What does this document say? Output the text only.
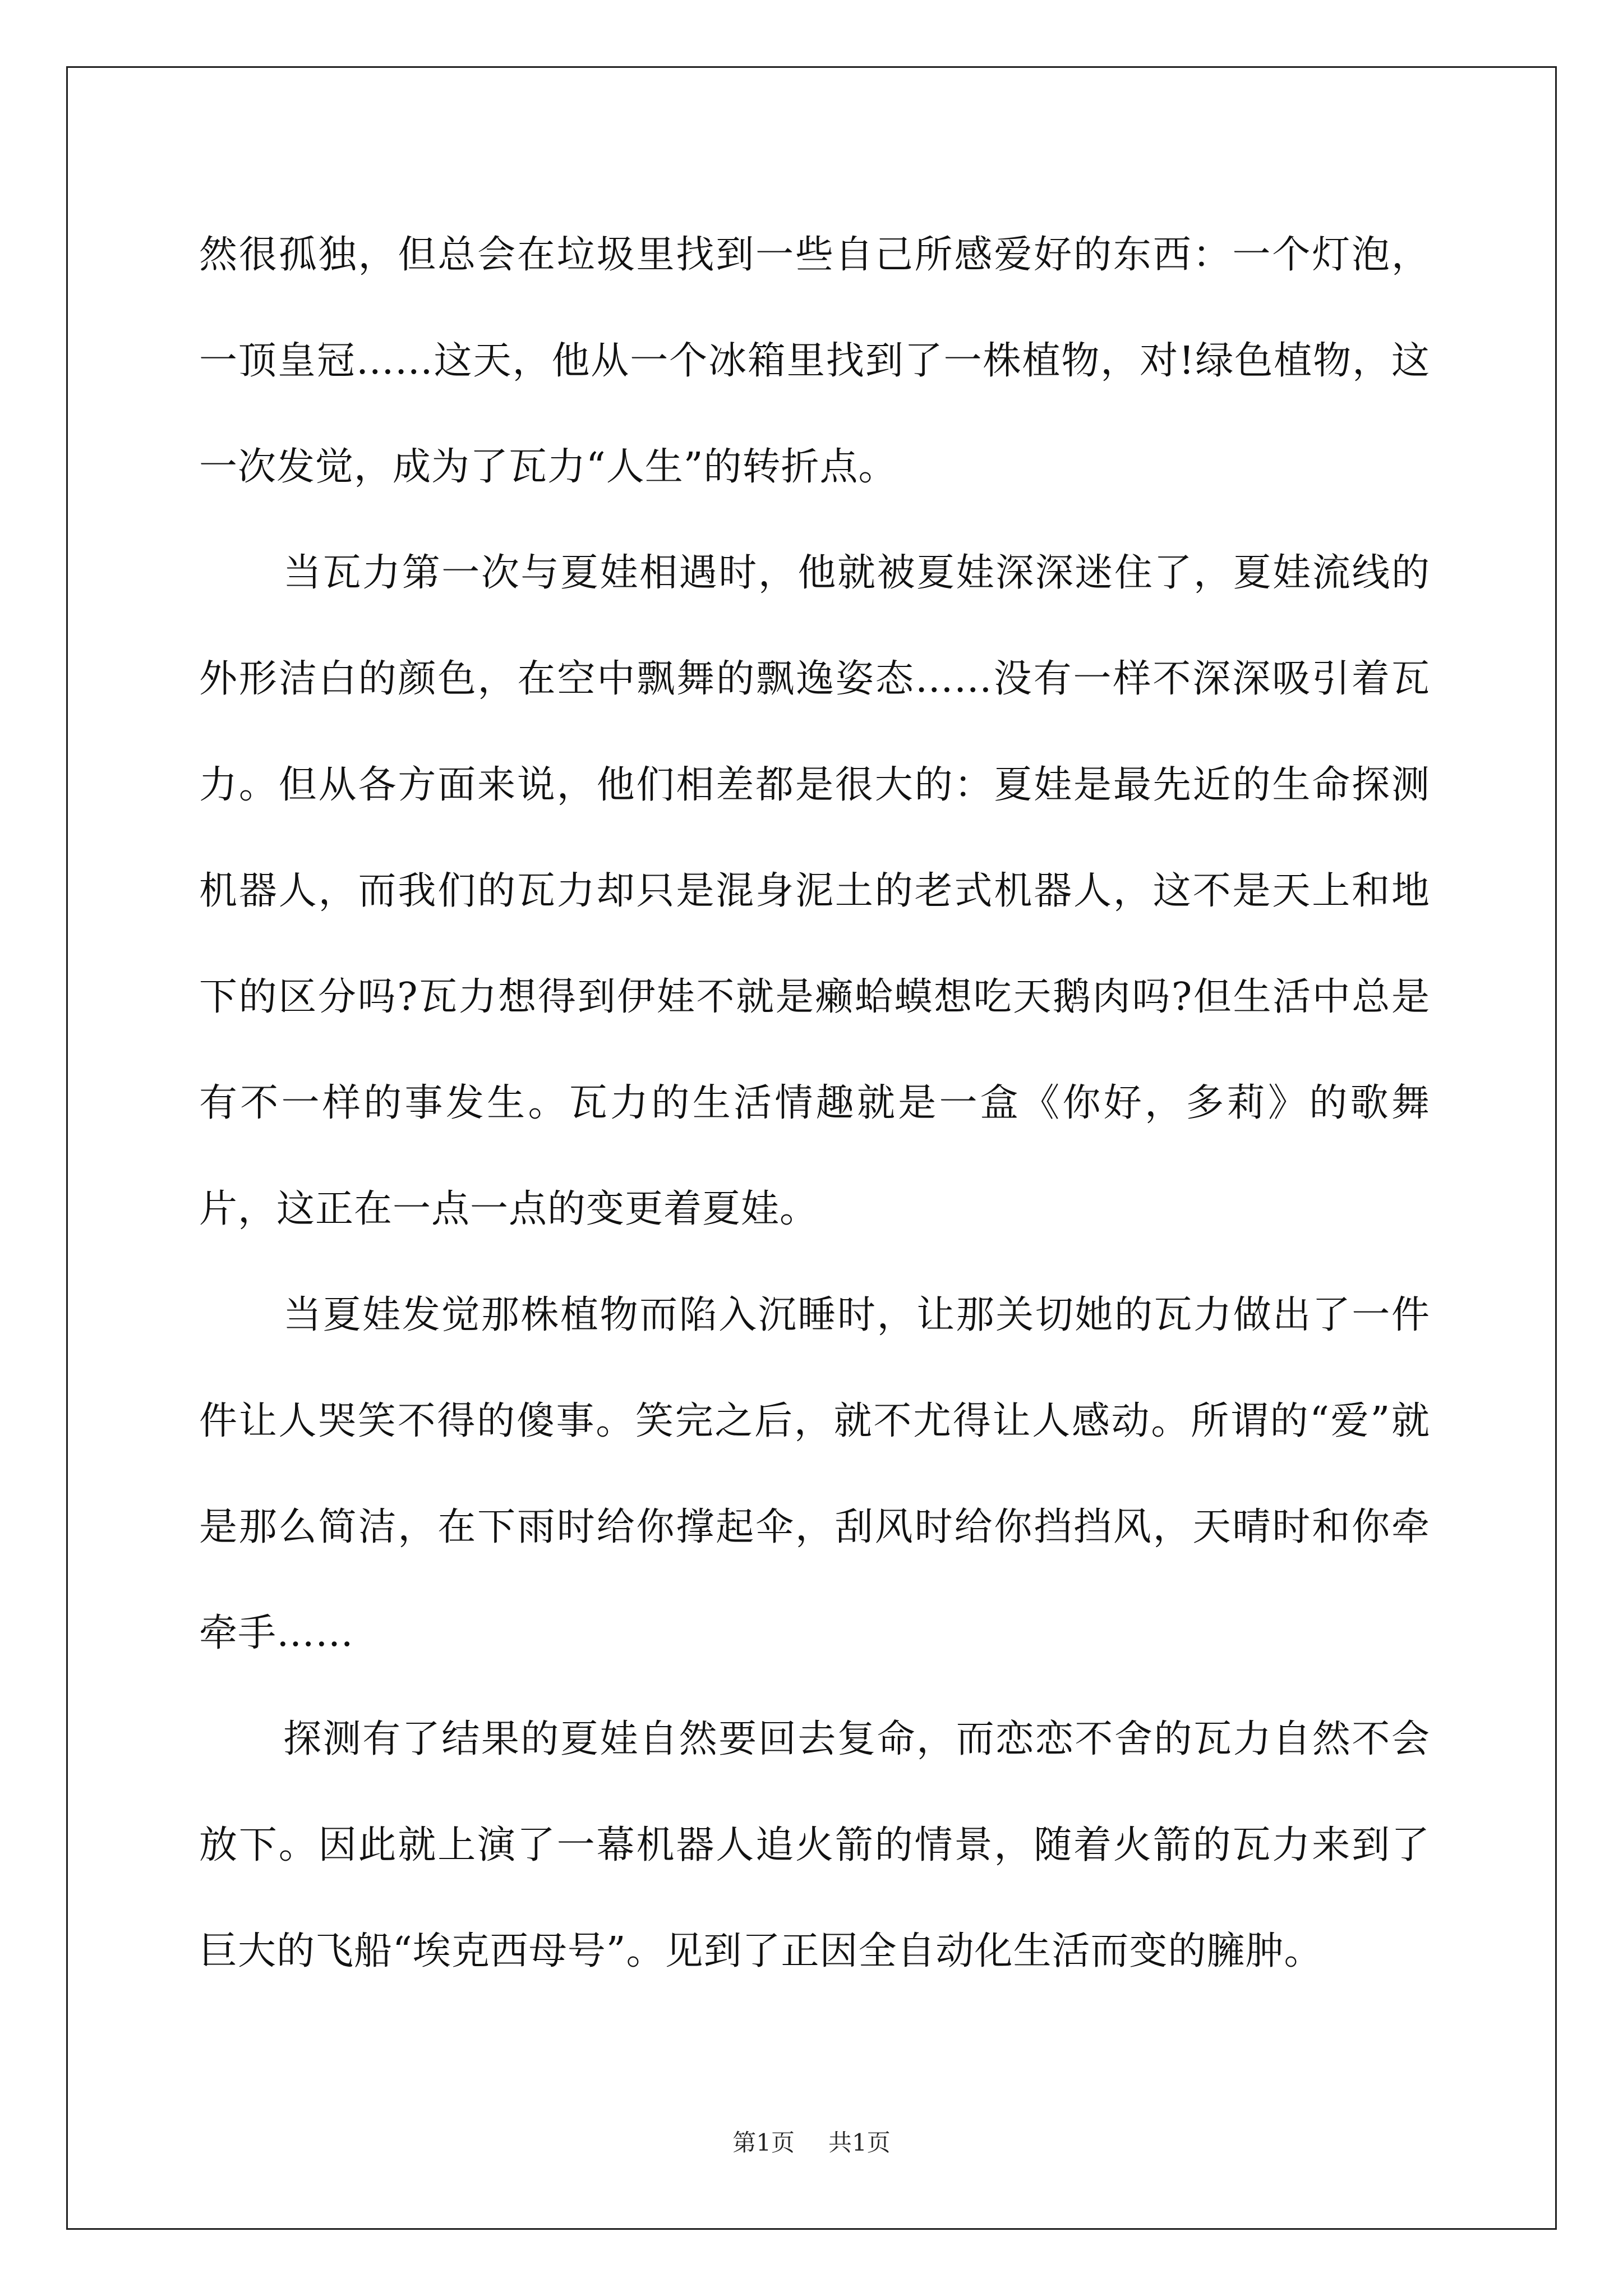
然很孤独，但总会在垃圾里找到一些自己所感爱好的东西：一个灯泡，一顶皇冠……这天，他从一个冰箱里找到了一株植物，对!绿色植物，这一次发觉，成为了瓦力“人生”的转折点。

当瓦力第一次与夏娃相遇时，他就被夏娃深深迷住了，夏娃流线的外形洁白的颜色，在空中飘舞的飘逸姿态……没有一样不深深吸引着瓦力。但从各方面来说，他们相差都是很大的：夏娃是最先近的生命探测机器人，而我们的瓦力却只是混身泥土的老式机器人，这不是天上和地下的区分吗?瓦力想得到伊娃不就是癞蛤蟆想吃天鹅肉吗?但生活中总是有不一样的事发生。瓦力的生活情趣就是一盒《你好，多莉》的歌舞片，这正在一点一点的变更着夏娃。

当夏娃发觉那株植物而陷入沉睡时，让那关切她的瓦力做出了一件件让人哭笑不得的傻事。笑完之后，就不尤得让人感动。所谓的“爱”就是那么简洁，在下雨时给你撑起伞，刮风时给你挡挡风，天晴时和你牵牵手……

探测有了结果的夏娃自然要回去复命，而恋恋不舍的瓦力自然不会放下。因此就上演了一幕机器人追火箭的情景，随着火箭的瓦力来到了巨大的飞船“埃克西母号”。见到了正因全自动化生活而变的臃肿。

第1页 共1页
